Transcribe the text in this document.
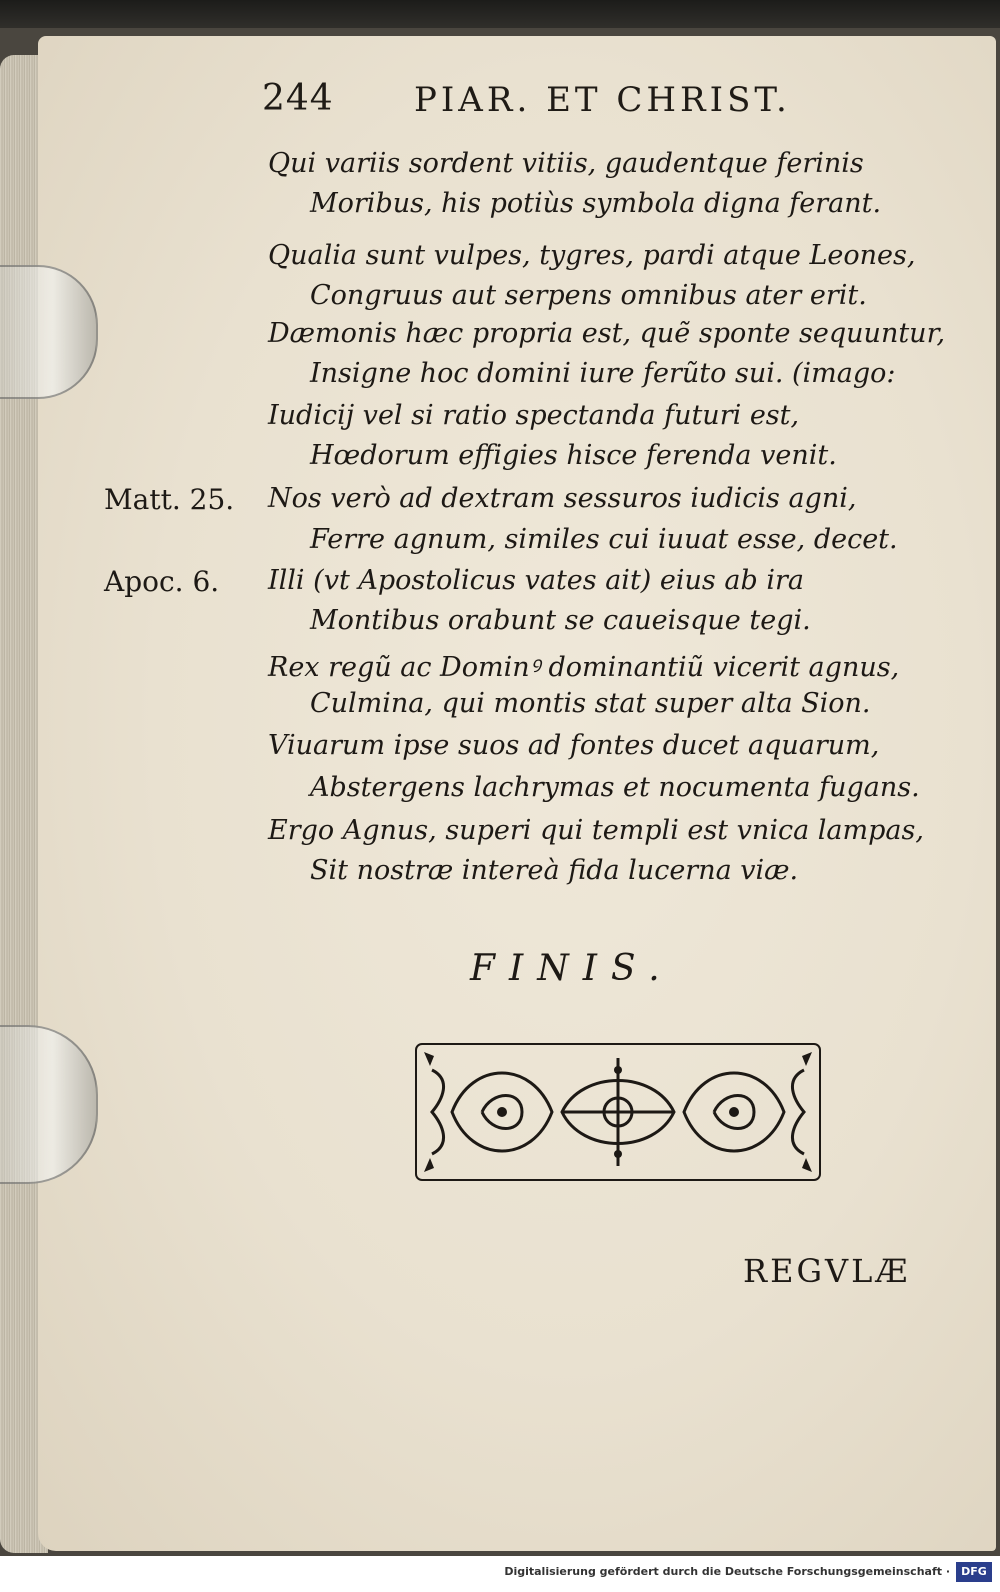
244 PIAR. ET CHRIST.
Qui variis sordent vitiis, gaudentque ferinis
Moribus, his potiùs symbola digna ferant.
Qualia sunt vulpes, tygres, pardi atque Leones,
Congruus aut serpens omnibus ater erit.
Dæmonis hæc propria est, quẽ sponte sequuntur,
Insigne hoc domini iure ferũto sui. (imago:
Iudicij vel si ratio spectanda futuri est,
Hœdorum effigies hisce ferenda venit.
Nos verò ad dextram sessuros iudicis agni,
Ferre agnum, similes cui iuuat esse, decet.
Illi (vt Apostolicus vates ait) eius ab ira
Montibus orabunt se caueisque tegi.
Rex regũ ac Dominꝰ dominantiũ vicerit agnus,
Culmina, qui montis stat super alta Sion.
Viuarum ipse suos ad fontes ducet aquarum,
Abstergens lachrymas et nocumenta fugans.
Ergo Agnus, superi qui templi est vnica lampas,
Sit nostræ intereà fida lucerna viæ.
Matt. 25.
Apoc. 6.
FINIS.
REGVLÆ
Digitalisierung gefördert durch die Deutsche Forschungsgemeinschaft ·	DFG
